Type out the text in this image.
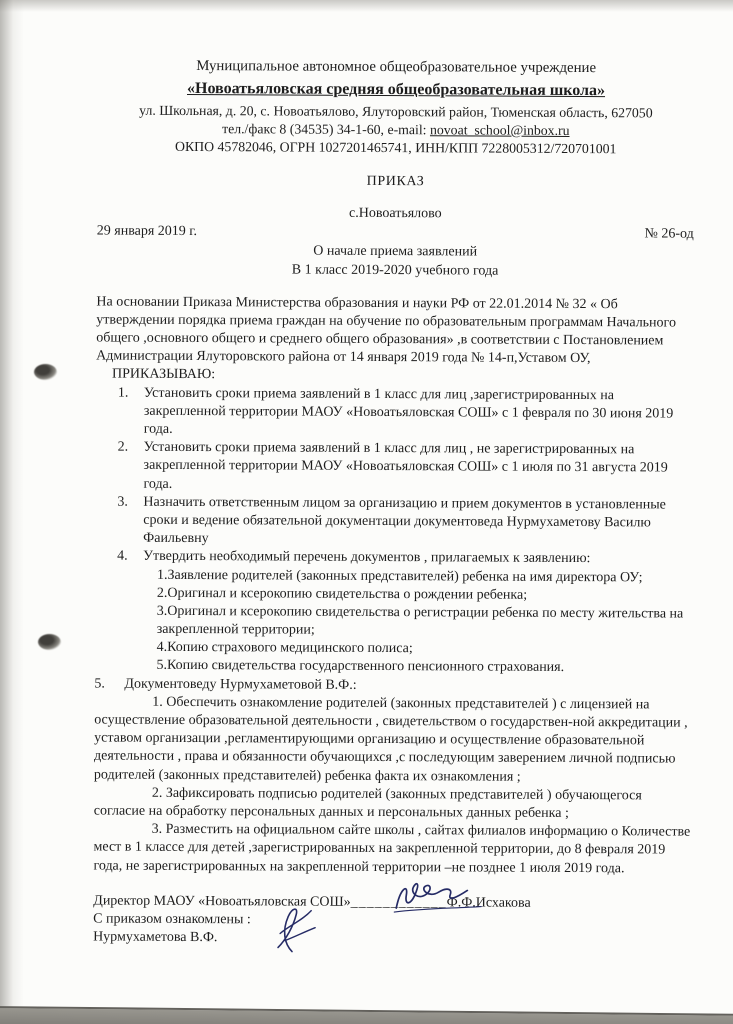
Муниципальное автономное общеобразовательное учреждение
«Новоатьяловская средняя общеобразовательная школа»
ул. Школьная, д. 20, с. Новоатьялово, Ялуторовский район, Тюменская область, 627050
тел./факс 8 (34535) 34-1-60, e-mail: novoat_school@inbox.ru
ОКПО 45782046, ОГРН 1027201465741, ИНН/КПП 7228005312/720701001
ПРИКАЗ
с.Новоатьялово
29 января 2019 г.	№ 26-од
О начале приема заявлений
В 1 класс 2019-2020 учебного года
На основании Приказа Министерства образования и науки РФ от 22.01.2014 № 32 « Об утверждении порядка приема граждан на обучение по образовательным программам Начального общего ,основного общего и среднего общего образования» ,в соответствии с Постановлением Администрации Ялуторовского района от 14 января 2019 года № 14-п,Уставом ОУ,
ПРИКАЗЫВАЮ:
1.	Установить сроки приема заявлений в 1 класс для лиц ,зарегистрированных на закрепленной территории МАОУ «Новоатьяловская СОШ» с 1 февраля по 30 июня 2019 года.
2.	Установить сроки приема заявлений в 1 класс для лиц , не зарегистрированных на закрепленной территории МАОУ «Новоатьяловская СОШ» с 1 июля по 31 августа 2019 года.
3.	Назначить ответственным лицом за организацию и прием документов в установленные сроки и ведение обязательной документации документоведа Нурмухаметову Василю Фаильевну
4.	Утвердить необходимый перечень документов , прилагаемых к заявлению:
1.Заявление родителей (законных представителей) ребенка на имя директора ОУ;
2.Оригинал и ксерокопию свидетельства о рождении ребенка;
3.Оригинал и ксерокопию свидетельства о регистрации ребенка по месту жительства на закрепленной территории;
4.Копию страхового медицинского полиса;
5.Копию свидетельства государственного пенсионного страхования.
5.	Документоведу Нурмухаметовой В.Ф.:
1. Обеспечить ознакомление родителей (законных представителей ) с лицензией на осуществление образовательной деятельности , свидетельством о государствен-ной аккредитации , уставом организации ,регламентирующими организацию и осуществление образовательной деятельности , права и обязанности обучающихся ,с последующим заверением личной подписью родителей (законных представителей) ребенка факта их ознакомления ;
2. Зафиксировать подписью родителей (законных представителей ) обучающегося согласие на обработку персональных данных и персональных данных ребенка ;
3. Разместить на официальном сайте школы , сайтах филиалов информацию о Количестве мест в 1 классе для детей ,зарегистрированных на закрепленной территории, до 8 февраля 2019 года, не зарегистрированных на закрепленной территории –не позднее 1 июля 2019 года.
Директор МАОУ «Новоатьяловская СОШ»____________Ф.Ф.Исхакова
С приказом ознакомлены :
Нурмухаметова В.Ф.
